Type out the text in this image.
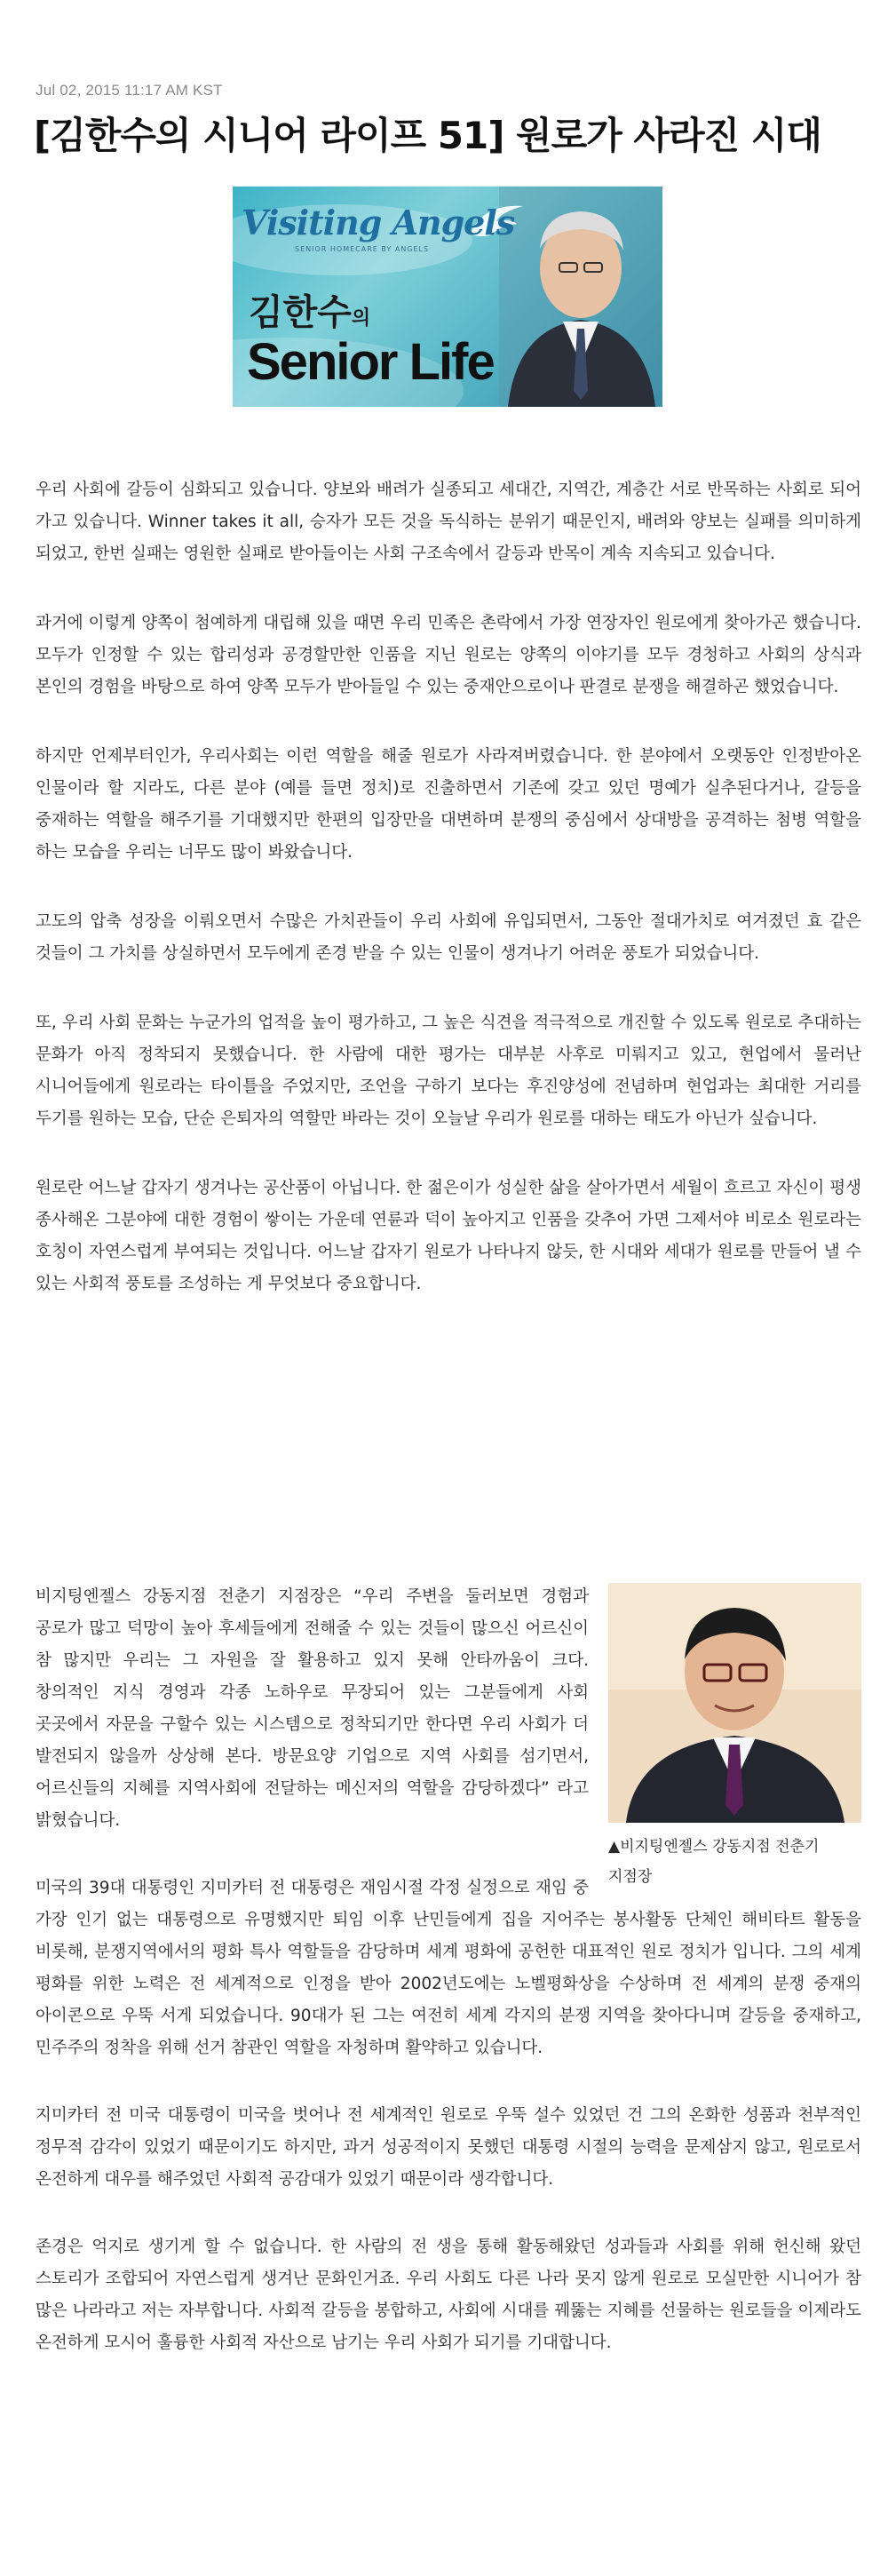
Jul 02, 2015 11:17 AM KST
[김한수의 시니어 라이프 51] 원로가 사라진 시대
Visiting Angels
SENIOR HOMECARE BY ANGELS
김한수의
Senior Life

우리 사회에 갈등이 심화되고 있습니다. 양보와 배려가 실종되고 세대간, 지역간, 계층간 서로 반목하는 사회로 되어 가고 있습니다. Winner takes it all, 승자가 모든 것을 독식하는 분위기 때문인지, 배려와 양보는 실패를 의미하게 되었고, 한번 실패는 영원한 실패로 받아들이는 사회 구조속에서 갈등과 반목이 계속 지속되고 있습니다.

과거에 이렇게 양쪽이 첨예하게 대립해 있을 때면 우리 민족은 촌락에서 가장 연장자인 원로에게 찾아가곤 했습니다. 모두가 인정할 수 있는 합리성과 공경할만한 인품을 지닌 원로는 양쪽의 이야기를 모두 경청하고 사회의 상식과 본인의 경험을 바탕으로 하여 양쪽 모두가 받아들일 수 있는 중재안으로이나 판결로 분쟁을 해결하곤 했었습니다.

하지만 언제부터인가, 우리사회는 이런 역할을 해줄 원로가 사라져버렸습니다. 한 분야에서 오랫동안 인정받아온 인물이라 할 지라도, 다른 분야 (예를 들면 정치)로 진출하면서 기존에 갖고 있던 명예가 실추된다거나, 갈등을 중재하는 역할을 해주기를 기대했지만 한편의 입장만을 대변하며 분쟁의 중심에서 상대방을 공격하는 첨병 역할을 하는 모습을 우리는 너무도 많이 봐왔습니다.

고도의 압축 성장을 이뤄오면서 수많은 가치관들이 우리 사회에 유입되면서, 그동안 절대가치로 여겨졌던 효 같은 것들이 그 가치를 상실하면서 모두에게 존경 받을 수 있는 인물이 생겨나기 어려운 풍토가 되었습니다.

또, 우리 사회 문화는 누군가의 업적을 높이 평가하고, 그 높은 식견을 적극적으로 개진할 수 있도록 원로로 추대하는 문화가 아직 정착되지 못했습니다. 한 사람에 대한 평가는 대부분 사후로 미뤄지고 있고, 현업에서 물러난 시니어들에게 원로라는 타이틀을 주었지만, 조언을 구하기 보다는 후진양성에 전념하며 현업과는 최대한 거리를 두기를 원하는 모습, 단순 은퇴자의 역할만 바라는 것이 오늘날 우리가 원로를 대하는 태도가 아닌가 싶습니다.

원로란 어느날 갑자기 생겨나는 공산품이 아닙니다. 한 젊은이가 성실한 삶을 살아가면서 세월이 흐르고 자신이 평생 종사해온 그분야에 대한 경험이 쌓이는 가운데 연륜과 덕이 높아지고 인품을 갖추어 가면 그제서야 비로소 원로라는 호칭이 자연스럽게 부여되는 것입니다. 어느날 갑자기 원로가 나타나지 않듯, 한 시대와 세대가 원로를 만들어 낼 수 있는 사회적 풍토를 조성하는 게 무엇보다 중요합니다.

▲비지팅엔젤스 강동지점 전춘기 지점장

비지팅엔젤스 강동지점 전춘기 지점장은 “우리 주변을 둘러보면 경험과 공로가 많고 덕망이 높아 후세들에게 전해줄 수 있는 것들이 많으신 어르신이 참 많지만 우리는 그 자원을 잘 활용하고 있지 못해 안타까움이 크다. 창의적인 지식 경영과 각종 노하우로 무장되어 있는 그분들에게 사회 곳곳에서 자문을 구할수 있는 시스템으로 정착되기만 한다면 우리 사회가 더 발전되지 않을까 상상해 본다. 방문요양 기업으로 지역 사회를 섬기면서, 어르신들의 지혜를 지역사회에 전달하는 메신저의 역할을 감당하겠다” 라고 밝혔습니다.

미국의 39대 대통령인 지미카터 전 대통령은 재임시절 각정 실정으로 재임 중 가장 인기 없는 대통령으로 유명했지만 퇴임 이후 난민들에게 집을 지어주는 봉사활동 단체인 해비타트 활동을 비롯해, 분쟁지역에서의 평화 특사 역할들을 감당하며 세계 평화에 공헌한 대표적인 원로 정치가 입니다. 그의 세계 평화를 위한 노력은 전 세계적으로 인정을 받아 2002년도에는 노벨평화상을 수상하며 전 세계의 분쟁 중재의 아이콘으로 우뚝 서게 되었습니다. 90대가 된 그는 여전히 세계 각지의 분쟁 지역을 찾아다니며 갈등을 중재하고, 민주주의 정착을 위해 선거 참관인 역할을 자청하며 활약하고 있습니다.

지미카터 전 미국 대통령이 미국을 벗어나 전 세계적인 원로로 우뚝 설수 있었던 건 그의 온화한 성품과 천부적인 정무적 감각이 있었기 때문이기도 하지만, 과거 성공적이지 못했던 대통령 시절의 능력을 문제삼지 않고, 원로로서 온전하게 대우를 해주었던 사회적 공감대가 있었기 때문이라 생각합니다.

존경은 억지로 생기게 할 수 없습니다. 한 사람의 전 생을 통해 활동해왔던 성과들과 사회를 위해 헌신해 왔던 스토리가 조합되어 자연스럽게 생겨난 문화인거죠. 우리 사회도 다른 나라 못지 않게 원로로 모실만한 시니어가 참 많은 나라라고 저는 자부합니다. 사회적 갈등을 봉합하고, 사회에 시대를 꿰뚫는 지혜를 선물하는 원로들을 이제라도 온전하게 모시어 훌륭한 사회적 자산으로 남기는 우리 사회가 되기를 기대합니다.
